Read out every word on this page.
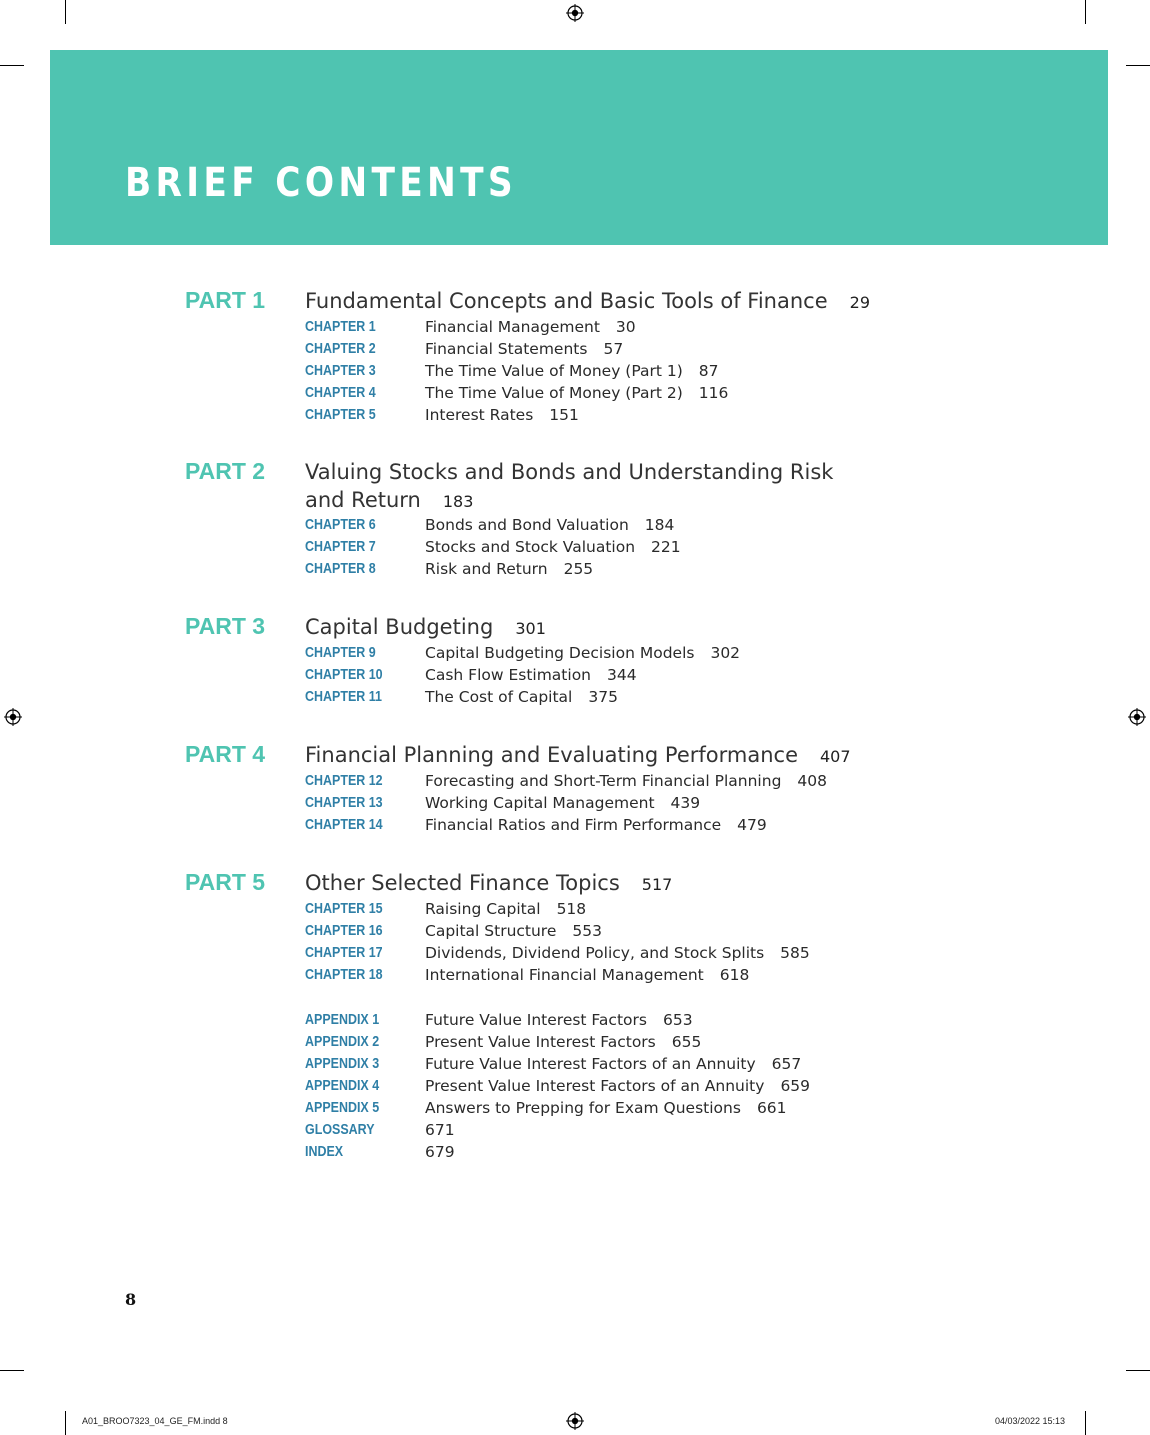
BRIEF CONTENTS
PART 1 Fundamental Concepts and Basic Tools of Finance 29
CHAPTER 1	Financial Management 30
CHAPTER 2	Financial Statements 57
CHAPTER 3	The Time Value of Money (Part 1) 87
CHAPTER 4	The Time Value of Money (Part 2) 116
CHAPTER 5	Interest Rates 151
PART 2 Valuing Stocks and Bonds and Understanding Risk and Return 183
CHAPTER 6	Bonds and Bond Valuation 184
CHAPTER 7	Stocks and Stock Valuation 221
CHAPTER 8	Risk and Return 255
PART 3 Capital Budgeting 301
CHAPTER 9	Capital Budgeting Decision Models 302
CHAPTER 10	Cash Flow Estimation 344
CHAPTER 11	The Cost of Capital 375
PART 4 Financial Planning and Evaluating Performance 407
CHAPTER 12	Forecasting and Short-Term Financial Planning 408
CHAPTER 13	Working Capital Management 439
CHAPTER 14	Financial Ratios and Firm Performance 479
PART 5 Other Selected Finance Topics 517
CHAPTER 15	Raising Capital 518
CHAPTER 16	Capital Structure 553
CHAPTER 17	Dividends, Dividend Policy, and Stock Splits 585
CHAPTER 18	International Financial Management 618
APPENDIX 1	Future Value Interest Factors 653
APPENDIX 2	Present Value Interest Factors 655
APPENDIX 3	Future Value Interest Factors of an Annuity 657
APPENDIX 4	Present Value Interest Factors of an Annuity 659
APPENDIX 5	Answers to Prepping for Exam Questions 661
GLOSSARY	671
INDEX	679
8
A01_BROO7323_04_GE_FM.indd 8	04/03/2022 15:13
